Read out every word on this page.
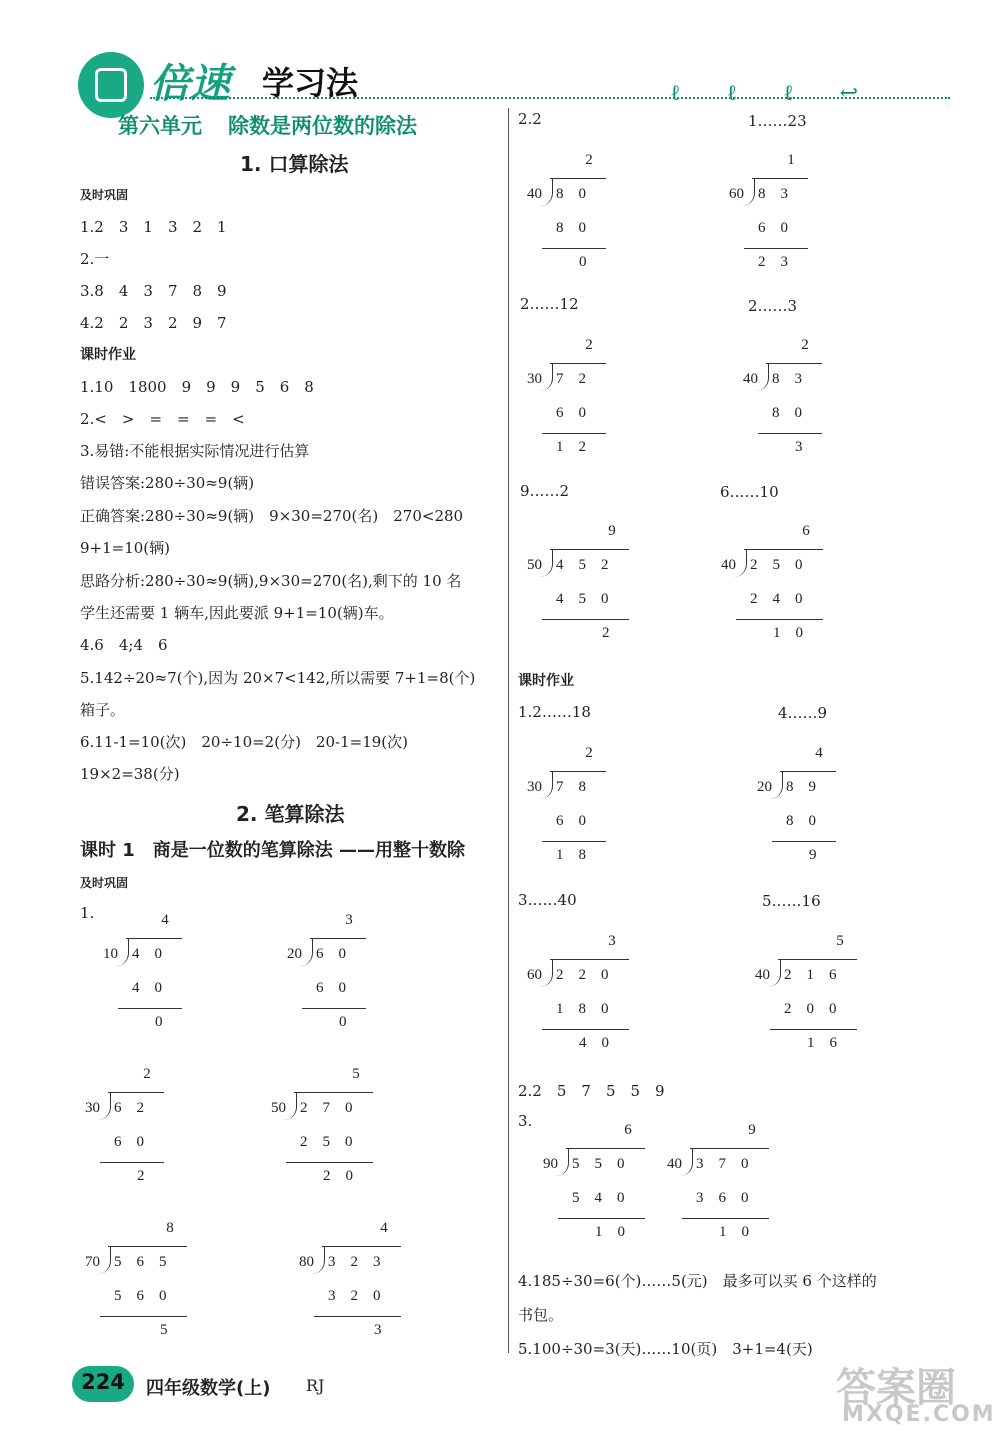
倍速 学习法	ℓℓℓ↩
第六单元 除数是两位数的除法
1. 口算除法
及时巩固
1.2　3　1　3　2　1
2.一
3.8　4　3　7　8　9
4.2　2　3　2　9　7
课时作业
1.10　1800　9　9　9　5　6　8
2.<　>　=　=　=　<
3.易错:不能根据实际情况进行估算
错误答案:280÷30≈9(辆)
正确答案:280÷30≈9(辆)　9×30=270(名)　270<280
9+1=10(辆)
思路分析:280÷30≈9(辆),9×30=270(名),剩下的 10 名
学生还需要 1 辆车,因此要派 9+1=10(辆)车。
4.6　4;4　6
5.142÷20≈7(个),因为 20×7<142,所以需要 7+1=8(个)
箱子。
6.11-1=10(次)　20÷10=2(分)　20-1=19(次)
19×2=38(分)
2. 笔算除法
课时 1　商是一位数的笔算除法 ——用整十数除
及时巩固
1.
2.2	1……23
2……12	2……3
9……2	6……10
课时作业
1.2……18	4……9
3……40	5……16
2.2　5　7　5　5　9
3.
4.185÷30=6(个)……5(元)　最多可以买 6 个这样的
书包。
5.100÷30=3(天)……10(页)　3+1=4(天)
4
10 40
40
0
3
20 60
60
0
2
30 62
60
2
5
50 270
250
20
8
70 565
560
5
4
80 323
320
3
2
40 80
80
0
1
60 83
60
23
2
30 72
60
12
2
40 83
80
3
9
50 452
450
2
6
40 250
240
10
2
30 78
60
18
4
20 89
80
9
3
60 220
180
40
5
40 216
200
16
6
90 550
540
10
9
40 370
360
10
224 四年级数学(上) RJ	答案圈
MXQE.COM
